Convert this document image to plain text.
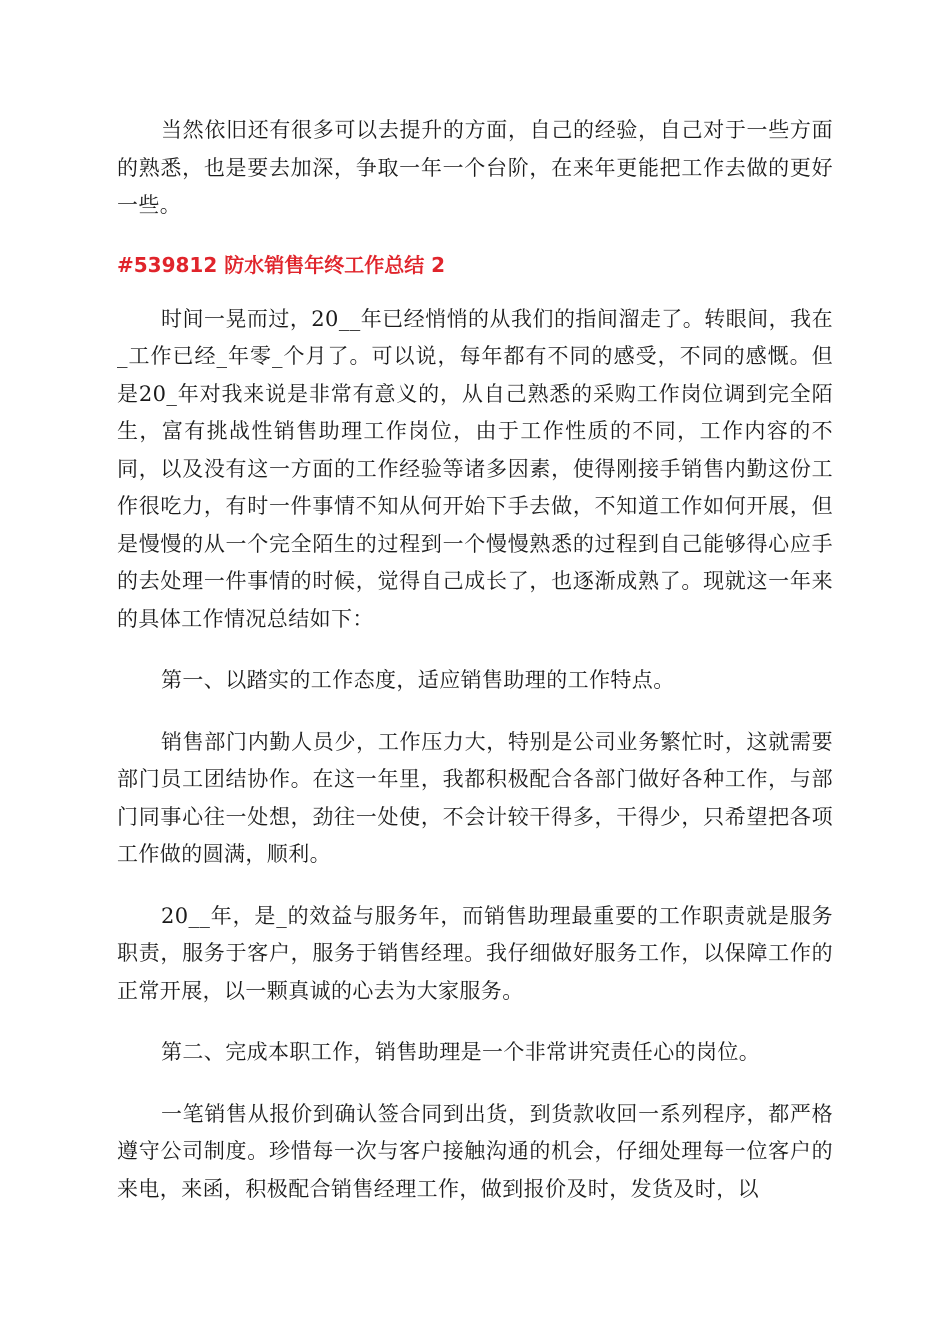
当然依旧还有很多可以去提升的方面，自己的经验，自己对于一些方面的熟悉，也是要去加深，争取一年一个台阶，在来年更能把工作去做的更好一些。

#539812 防水销售年终工作总结 2

时间一晃而过，20__年已经悄悄的从我们的指间溜走了。转眼间，我在_工作已经_年零_个月了。可以说，每年都有不同的感受，不同的感慨。但是20_年对我来说是非常有意义的，从自己熟悉的采购工作岗位调到完全陌生，富有挑战性销售助理工作岗位，由于工作性质的不同，工作内容的不同，以及没有这一方面的工作经验等诸多因素，使得刚接手销售内勤这份工作很吃力，有时一件事情不知从何开始下手去做，不知道工作如何开展，但是慢慢的从一个完全陌生的过程到一个慢慢熟悉的过程到自己能够得心应手的去处理一件事情的时候，觉得自己成长了，也逐渐成熟了。现就这一年来的具体工作情况总结如下：

第一、以踏实的工作态度，适应销售助理的工作特点。

销售部门内勤人员少，工作压力大，特别是公司业务繁忙时，这就需要部门员工团结协作。在这一年里，我都积极配合各部门做好各种工作，与部门同事心往一处想，劲往一处使，不会计较干得多，干得少，只希望把各项工作做的圆满，顺利。

20__年，是_的效益与服务年，而销售助理最重要的工作职责就是服务职责，服务于客户，服务于销售经理。我仔细做好服务工作，以保障工作的正常开展，以一颗真诚的心去为大家服务。

第二、完成本职工作，销售助理是一个非常讲究责任心的岗位。

一笔销售从报价到确认签合同到出货，到货款收回一系列程序，都严格遵守公司制度。珍惜每一次与客户接触沟通的机会，仔细处理每一位客户的来电，来函，积极配合销售经理工作，做到报价及时，发货及时，以
